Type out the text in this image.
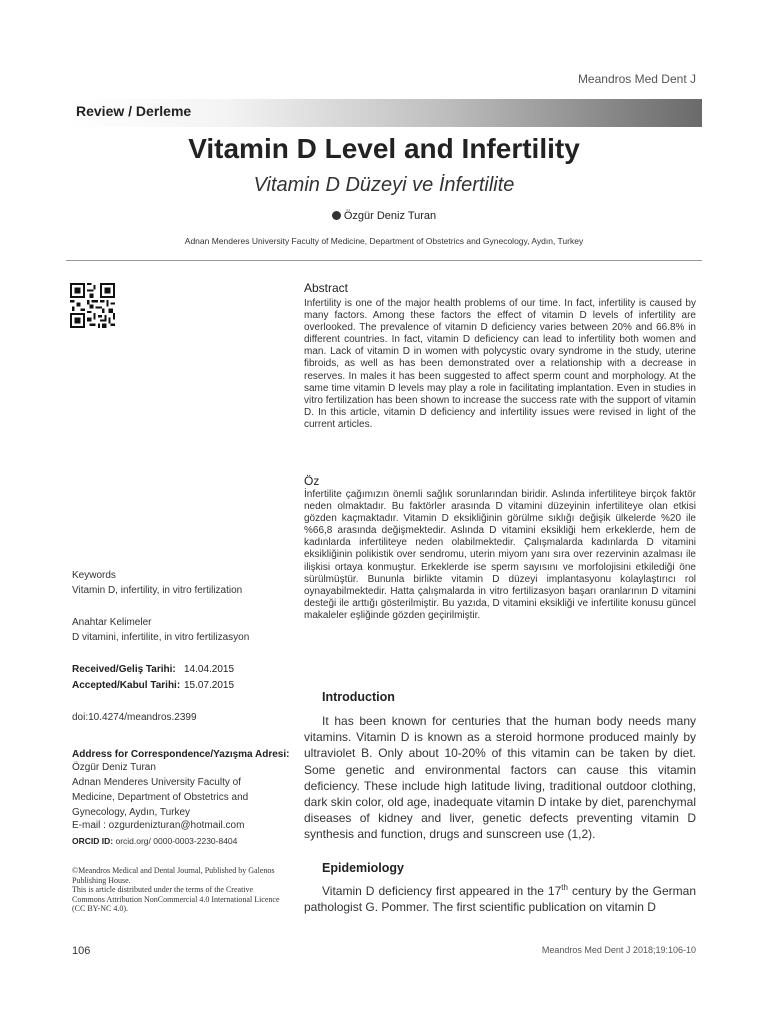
Meandros Med Dent J
Review / Derleme
Vitamin D Level and Infertility
Vitamin D Düzeyi ve İnfertilite
Özgür Deniz Turan
Adnan Menderes University Faculty of Medicine, Department of Obstetrics and Gynecology, Aydın, Turkey
Abstract
Infertility is one of the major health problems of our time. In fact, infertility is caused by many factors. Among these factors the effect of vitamin D levels of infertility are overlooked. The prevalence of vitamin D deficiency varies between 20% and 66.8% in different countries. In fact, vitamin D deficiency can lead to infertility both women and man. Lack of vitamin D in women with polycystic ovary syndrome in the study, uterine fibroids, as well as has been demonstrated over a relationship with a decrease in reserves. In males it has been suggested to affect sperm count and morphology. At the same time vitamin D levels may play a role in facilitating implantation. Even in studies in vitro fertilization has been shown to increase the success rate with the support of vitamin D. In this article, vitamin D deficiency and infertility issues were revised in light of the current articles.
Öz
İnfertilite çağımızın önemli sağlık sorunlarından biridir. Aslında infertiliteye birçok faktör neden olmaktadır. Bu faktörler arasında D vitamini düzeyinin infertiliteye olan etkisi gözden kaçmaktadır. Vitamin D eksikliğinin görülme sıklığı değişik ülkelerde %20 ile %66,8 arasında değişmektedir. Aslında D vitamini eksikliği hem erkeklerde, hem de kadınlarda infertiliteye neden olabilmektedir. Çalışmalarda kadınlarda D vitamini eksikliğinin polikistik over sendromu, uterin miyom yanı sıra over rezervinin azalması ile ilişkisi ortaya konmuştur. Erkeklerde ise sperm sayısını ve morfolojisini etkilediği öne sürülmüştür. Bununla birlikte vitamin D düzeyi implantasyonu kolaylaştırıcı rol oynayabilmektedir. Hatta çalışmalarda in vitro fertilizasyon başarı oranlarının D vitamini desteği ile arttığı gösterilmiştir. Bu yazıda, D vitamini eksikliği ve infertilite konusu güncel makaleler eşliğinde gözden geçirilmiştir.
Keywords
Vitamin D, infertility, in vitro fertilization
Anahtar Kelimeler
D vitamini, infertilite, in vitro fertilizasyon
Received/Geliş Tarihi: 14.04.2015
Accepted/Kabul Tarihi: 15.07.2015
doi:10.4274/meandros.2399
Address for Correspondence/Yazışma Adresi:
Özgür Deniz Turan
Adnan Menderes University Faculty of
Medicine, Department of Obstetrics and
Gynecology, Aydın, Turkey
E-mail : ozgurdenizturan@hotmail.com
ORCID ID: orcid.org/ 0000-0003-2230-8404
©Meandros Medical and Dental Journal, Published by Galenos Publishing House.
This is article distributed under the terms of the Creative Commons Attribution NonCommercial 4.0 International Licence (CC BY-NC 4.0).
Introduction
It has been known for centuries that the human body needs many vitamins. Vitamin D is known as a steroid hormone produced mainly by ultraviolet B. Only about 10-20% of this vitamin can be taken by diet. Some genetic and environmental factors can cause this vitamin deficiency. These include high latitude living, traditional outdoor clothing, dark skin color, old age, inadequate vitamin D intake by diet, parenchymal diseases of kidney and liver, genetic defects preventing vitamin D synthesis and function, drugs and sunscreen use (1,2).
Epidemiology
Vitamin D deficiency first appeared in the 17th century by the German pathologist G. Pommer. The first scientific publication on vitamin D
106	Meandros Med Dent J 2018;19:106-10
